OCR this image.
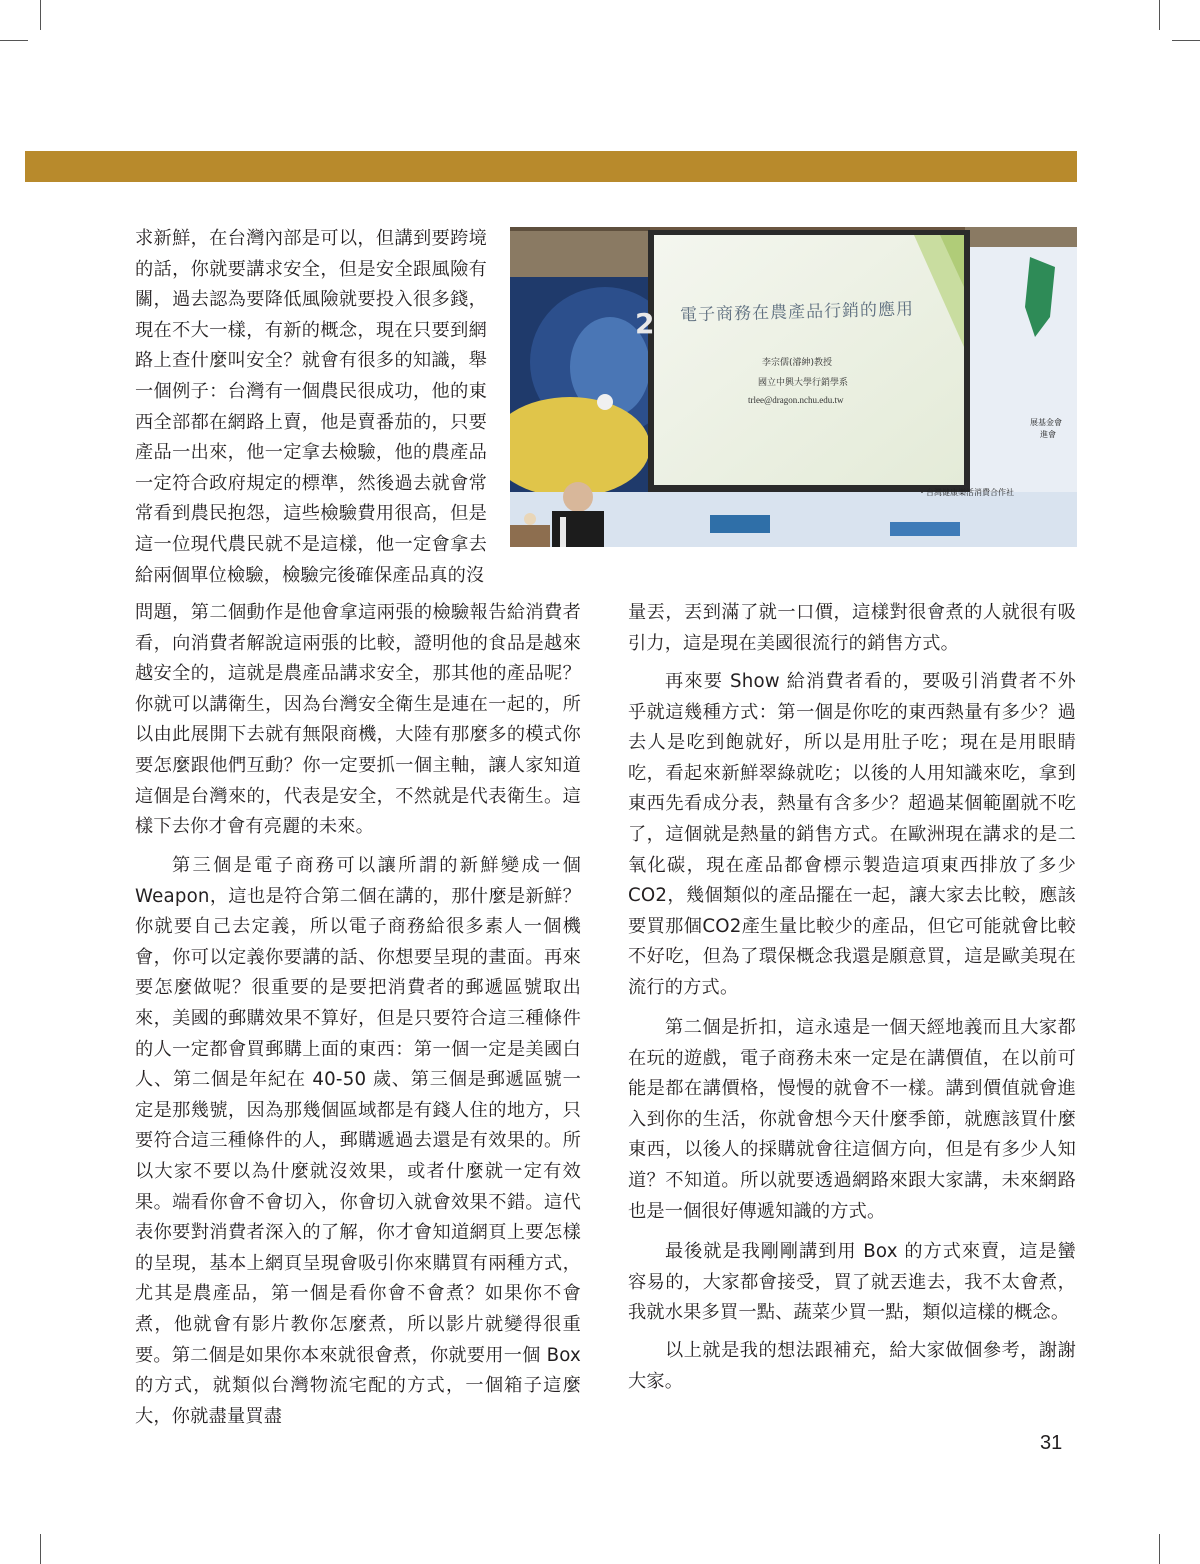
求新鮮，在台灣內部是可以，但講到要跨境的話，你就要講求安全，但是安全跟風險有關，過去認為要降低風險就要投入很多錢，現在不大一樣，有新的概念，現在只要到網路上查什麼叫安全？就會有很多的知識，舉一個例子：台灣有一個農民很成功，他的東西全部都在網路上賣，他是賣番茄的，只要產品一出來，他一定拿去檢驗，他的農產品一定符合政府規定的標準，然後過去就會常常看到農民抱怨，這些檢驗費用很高，但是這一位現代農民就不是這樣，他一定會拿去給兩個單位檢驗，檢驗完後確保產品真的沒

電子商務在農產品行銷的應用
李宗儒(濬紳)教授
國立中興大學行銷學系
trlee@dragon.nchu.edu.tw
展基金會
進會
・台灣健康樂活消費合作社
2

問題，第二個動作是他會拿這兩張的檢驗報告給消費者看，向消費者解說這兩張的比較，證明他的食品是越來越安全的，這就是農產品講求安全，那其他的產品呢？你就可以講衛生，因為台灣安全衛生是連在一起的，所以由此展開下去就有無限商機，大陸有那麼多的模式你要怎麼跟他們互動？你一定要抓一個主軸，讓人家知道這個是台灣來的，代表是安全，不然就是代表衛生。這樣下去你才會有亮麗的未來。

第三個是電子商務可以讓所謂的新鮮變成一個Weapon，這也是符合第二個在講的，那什麼是新鮮？你就要自己去定義，所以電子商務給很多素人一個機會，你可以定義你要講的話、你想要呈現的畫面。再來要怎麼做呢？很重要的是要把消費者的郵遞區號取出來，美國的郵購效果不算好，但是只要符合這三種條件的人一定都會買郵購上面的東西：第一個一定是美國白人、第二個是年紀在 40-50 歲、第三個是郵遞區號一定是那幾號，因為那幾個區域都是有錢人住的地方，只要符合這三種條件的人，郵購遞過去還是有效果的。所以大家不要以為什麼就沒效果，或者什麼就一定有效果。端看你會不會切入，你會切入就會效果不錯。這代表你要對消費者深入的了解，你才會知道網頁上要怎樣的呈現，基本上網頁呈現會吸引你來購買有兩種方式，尤其是農產品，第一個是看你會不會煮？如果你不會煮，他就會有影片教你怎麼煮，所以影片就變得很重要。第二個是如果你本來就很會煮，你就要用一個 Box 的方式，就類似台灣物流宅配的方式，一個箱子這麼大，你就盡量買盡

量丟，丟到滿了就一口價，這樣對很會煮的人就很有吸引力，這是現在美國很流行的銷售方式。

再來要 Show 給消費者看的，要吸引消費者不外乎就這幾種方式：第一個是你吃的東西熱量有多少？過去人是吃到飽就好，所以是用肚子吃；現在是用眼睛吃，看起來新鮮翠綠就吃；以後的人用知識來吃，拿到東西先看成分表，熱量有含多少？超過某個範圍就不吃了，這個就是熱量的銷售方式。在歐洲現在講求的是二氧化碳，現在產品都會標示製造這項東西排放了多少 CO2，幾個類似的產品擺在一起，讓大家去比較，應該要買那個CO2產生量比較少的產品，但它可能就會比較不好吃，但為了環保概念我還是願意買，這是歐美現在流行的方式。

第二個是折扣，這永遠是一個天經地義而且大家都在玩的遊戲，電子商務未來一定是在講價值，在以前可能是都在講價格，慢慢的就會不一樣。講到價值就會進入到你的生活，你就會想今天什麼季節，就應該買什麼東西，以後人的採購就會往這個方向，但是有多少人知道？不知道。所以就要透過網路來跟大家講，未來網路也是一個很好傳遞知識的方式。

最後就是我剛剛講到用 Box 的方式來賣，這是蠻容易的，大家都會接受，買了就丟進去，我不太會煮，我就水果多買一點、蔬菜少買一點，類似這樣的概念。

以上就是我的想法跟補充，給大家做個參考，謝謝大家。

31
